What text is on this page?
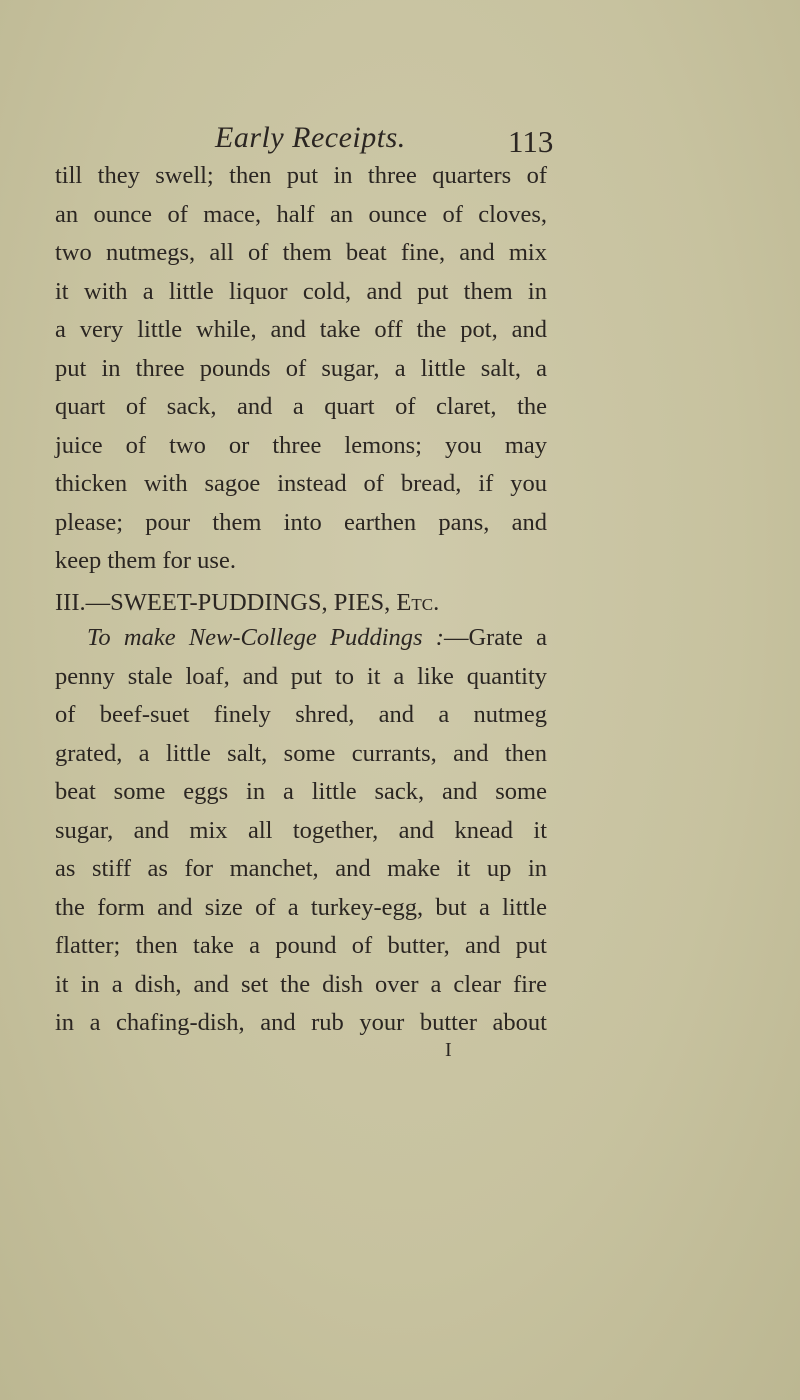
Early Receipts.	113
till they swell; then put in three quarters of
an ounce of mace, half an ounce of cloves,
two nutmegs, all of them beat fine, and mix
it with a little liquor cold, and put them in
a very little while, and take off the pot, and
put in three pounds of sugar, a little salt, a
quart of sack, and a quart of claret, the
juice of two or three lemons; you may
thicken with sagoe instead of bread, if you
please; pour them into earthen pans, and
keep them for use.
III.—SWEET-PUDDINGS, PIES, Etc.
To make New-College Puddings :—Grate a
penny stale loaf, and put to it a like quantity
of beef-suet finely shred, and a nutmeg
grated, a little salt, some currants, and then
beat some eggs in a little sack, and some
sugar, and mix all together, and knead it
as stiff as for manchet, and make it up in
the form and size of a turkey-egg, but a little
flatter; then take a pound of butter, and put
it in a dish, and set the dish over a clear fire
in a chafing-dish, and rub your butter about
I
